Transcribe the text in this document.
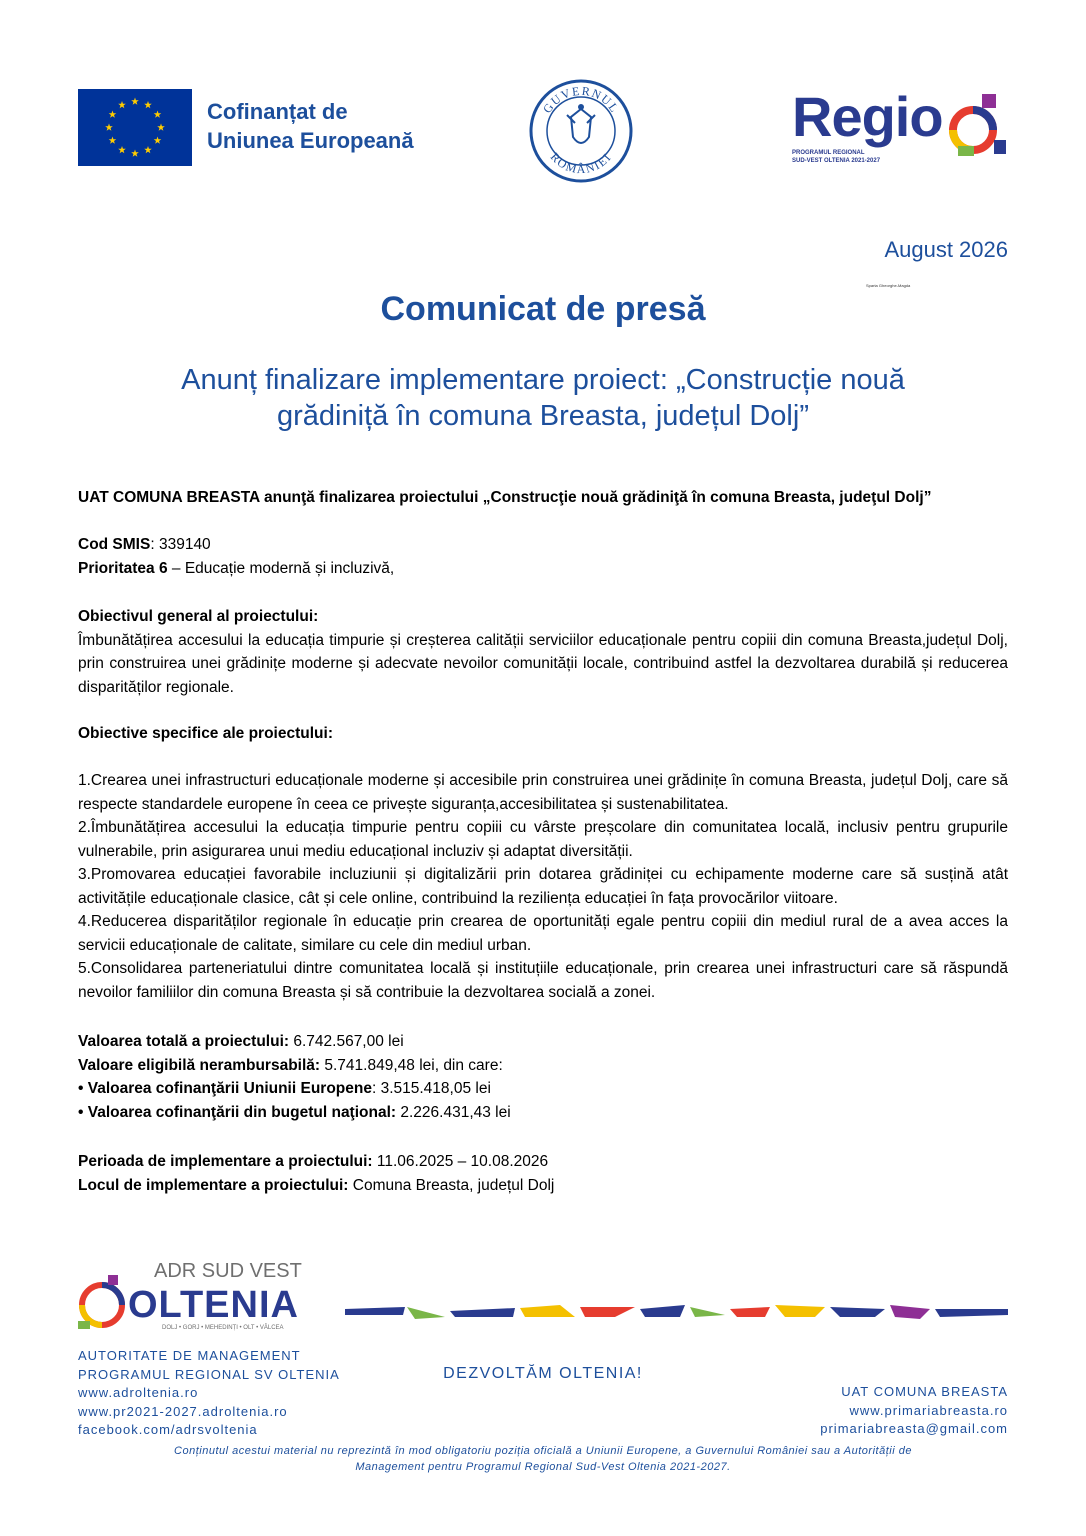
Cofinanțat de
Uniunea Europeană
GUVERNUL
ROMÂNIEI
Regio
PROGRAMUL REGIONAL
SUD-VEST OLTENIA 2021-2027
August 2026
Sparta Gheorghe-Magda
Comunicat de presă
Anunț finalizare implementare proiect: „Construcție nouă
grădiniță în comuna Breasta, județul Dolj”

UAT COMUNA BREASTA anunţă finalizarea proiectului „Construcţie nouă grădiniţă în comuna Breasta, judeţul Dolj”

Cod SMIS: 339140

Prioritatea 6 – Educație modernă și incluzivă,

Obiectivul general al proiectului:

Îmbunătățirea accesului la educația timpurie și creșterea calității serviciilor educaționale pentru copiii din comuna Breasta,județul Dolj, prin construirea unei grădinițe moderne și adecvate nevoilor comunității locale, contribuind astfel la dezvoltarea durabilă și reducerea disparităților regionale.

Obiective specifice ale proiectului:

1.Crearea unei infrastructuri educaționale moderne și accesibile prin construirea unei grădinițe în comuna Breasta, județul Dolj, care să respecte standardele europene în ceea ce privește siguranța,accesibilitatea și sustenabilitatea.

2.Îmbunătățirea accesului la educația timpurie pentru copiii cu vârste preșcolare din comunitatea locală, inclusiv pentru grupurile vulnerabile, prin asigurarea unui mediu educațional incluziv și adaptat diversității.

3.Promovarea educației favorabile incluziunii și digitalizării prin dotarea grădiniței cu echipamente moderne care să susțină atât activitățile educaționale clasice, cât și cele online, contribuind la reziliența educației în fața provocărilor viitoare.

4.Reducerea disparităților regionale în educație prin crearea de oportunități egale pentru copiii din mediul rural de a avea acces la servicii educaționale de calitate, similare cu cele din mediul urban.

5.Consolidarea parteneriatului dintre comunitatea locală și instituțiile educaționale, prin crearea unei infrastructuri care să răspundă nevoilor familiilor din comuna Breasta și să contribuie la dezvoltarea socială a zonei.

Valoarea totală a proiectului: 6.742.567,00 lei

Valoare eligibilă nerambursabilă: 5.741.849,48 lei, din care:

• Valoarea cofinanţării Uniunii Europene: 3.515.418,05 lei

• Valoarea cofinanţării din bugetul naţional: 2.226.431,43 lei

Perioada de implementare a proiectului: 11.06.2025 – 10.08.2026

Locul de implementare a proiectului: Comuna Breasta, județul Dolj

ADR SUD VEST
OLTENIA
DOLJ • GORJ • MEHEDINȚI • OLT • VÂLCEA
AUTORITATE DE MANAGEMENT
PROGRAMUL REGIONAL SV OLTENIA
www.adroltenia.ro
www.pr2021-2027.adroltenia.ro
facebook.com/adrsvoltenia
DEZVOLTĂM OLTENIA!
UAT COMUNA BREASTA
www.primariabreasta.ro
primariabreasta@gmail.com
Conținutul acestui material nu reprezintă în mod obligatoriu poziția oficială a Uniunii Europene, a Guvernului României sau a Autorității de Management pentru Programul Regional Sud-Vest Oltenia 2021-2027.
